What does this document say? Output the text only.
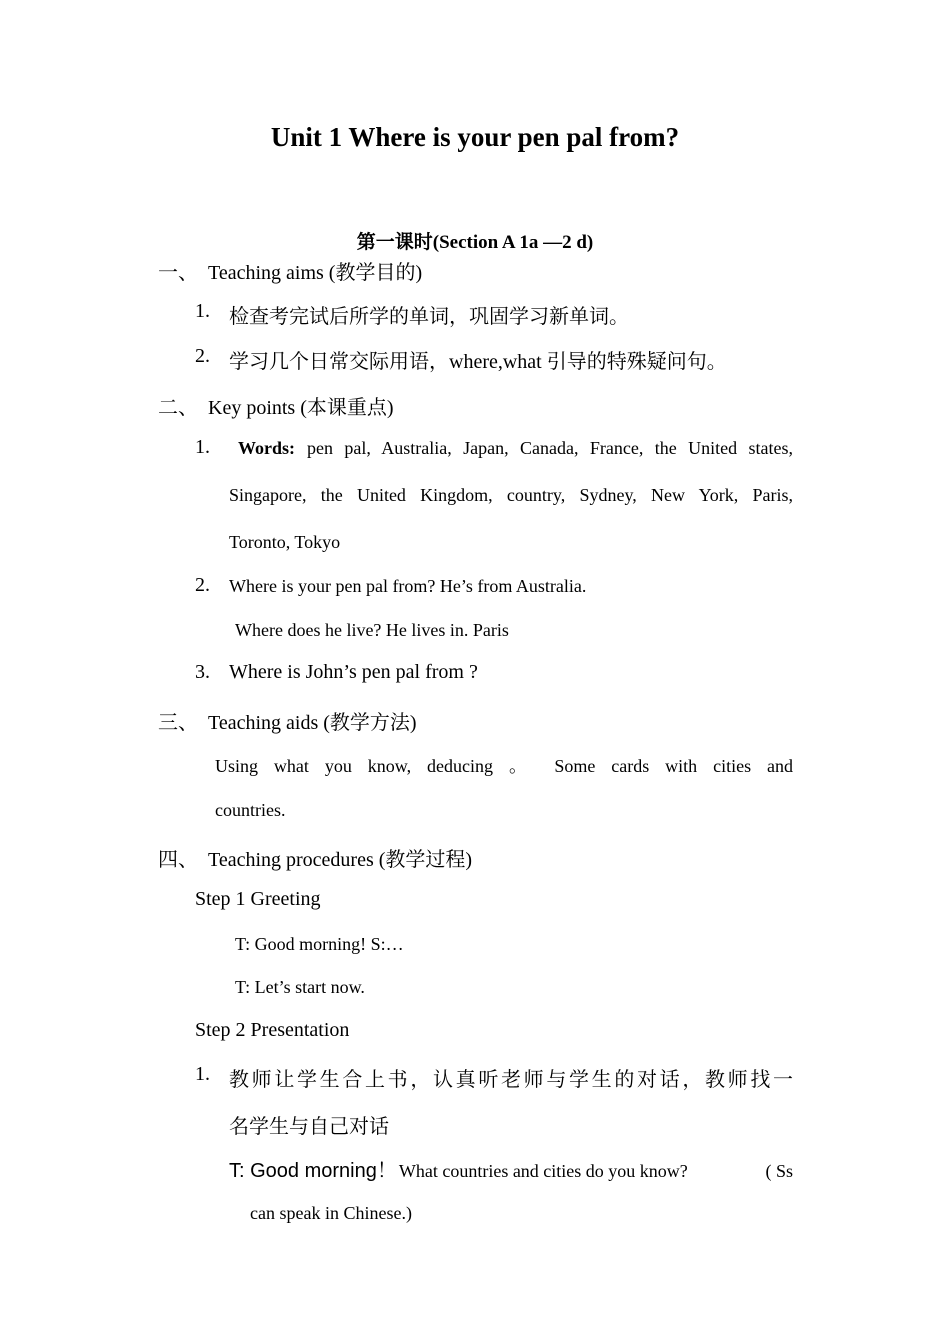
Unit 1 Where is your pen pal from?
第一课时(Section A 1a —2 d)
一、 Teaching aims (教学目的)
1. 检查考完试后所学的单词，巩固学习新单词。
2. 学习几个日常交际用语，where,what 引导的特殊疑问句。
二、 Key points (本课重点)
1. Words: pen pal, Australia, Japan, Canada, France, the United states,
Singapore, the United Kingdom, country, Sydney, New York, Paris,
Toronto, Tokyo
2. Where is your pen pal from? He’s from Australia.
Where does he live? He lives in. Paris
3. Where is John’s pen pal from ?
三、 Teaching aids (教学方法)
Using what you know, deducing 。 Some cards with cities and
countries.
四、 Teaching procedures (教学过程)
Step 1 Greeting
T: Good morning! S:…
T: Let’s start now.
Step 2 Presentation
1. 教师让学生合上书，认真听老师与学生的对话，教师找一
名学生与自己对话
T: Good morning！ What countries and cities do you know?	( Ss
can speak in Chinese.)
